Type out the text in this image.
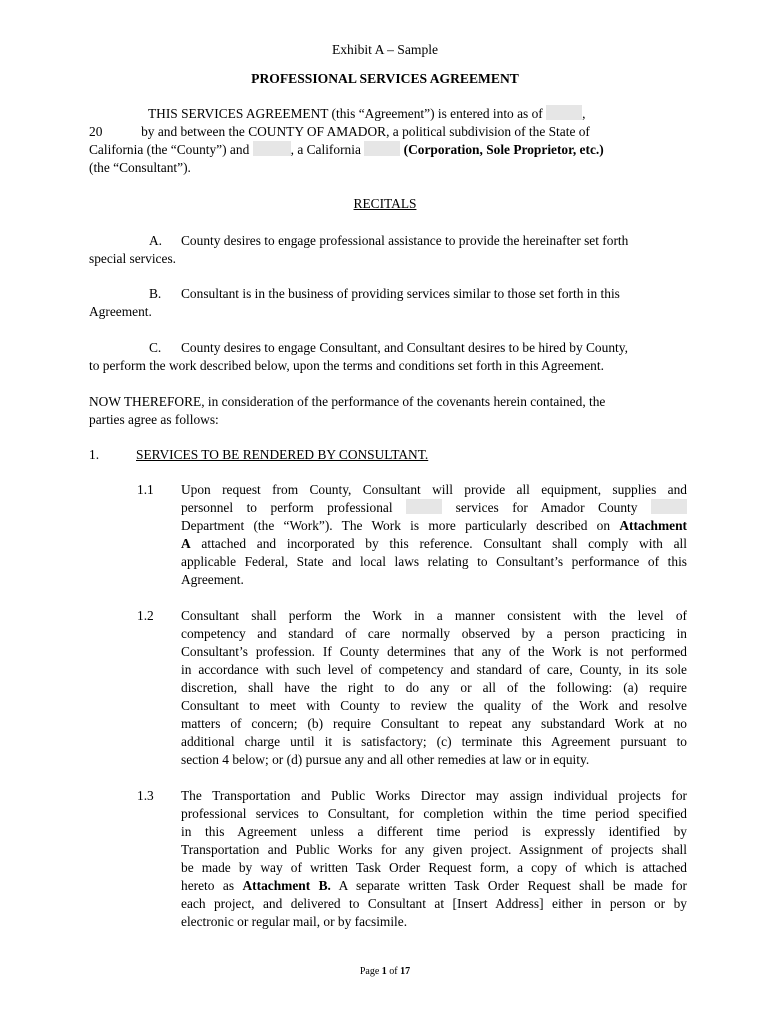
Exhibit A – Sample
PROFESSIONAL SERVICES AGREEMENT
THIS SERVICES AGREEMENT (this “Agreement”) is entered into as of	,
20	by and between the COUNTY OF AMADOR, a political subdivision of the State of
California (the “County”) and	, a California	(Corporation, Sole Proprietor, etc.)
(the “Consultant”).
RECITALS
A. County desires to engage professional assistance to provide the hereinafter set forth
special services.
B. Consultant is in the business of providing services similar to those set forth in this
Agreement.
C. County desires to engage Consultant, and Consultant desires to be hired by County,
to perform the work described below, upon the terms and conditions set forth in this Agreement.
NOW THEREFORE, in consideration of the performance of the covenants herein contained, the
parties agree as follows:
1.	SERVICES TO BE RENDERED BY CONSULTANT.
1.1 Upon request from County, Consultant will provide all equipment, supplies and
personnel to perform professional	services for Amador County
Department (the “Work”). The Work is more particularly described on Attachment
A attached and incorporated by this reference. Consultant shall comply with all
applicable Federal, State and local laws relating to Consultant’s performance of this
Agreement.
1.2 Consultant shall perform the Work in a manner consistent with the level of
competency and standard of care normally observed by a person practicing in
Consultant’s profession. If County determines that any of the Work is not performed
in accordance with such level of competency and standard of care, County, in its sole
discretion, shall have the right to do any or all of the following: (a) require
Consultant to meet with County to review the quality of the Work and resolve
matters of concern; (b) require Consultant to repeat any substandard Work at no
additional charge until it is satisfactory; (c) terminate this Agreement pursuant to
section 4 below; or (d) pursue any and all other remedies at law or in equity.
1.3 The Transportation and Public Works Director may assign individual projects for
professional services to Consultant, for completion within the time period specified
in this Agreement unless a different time period is expressly identified by
Transportation and Public Works for any given project. Assignment of projects shall
be made by way of written Task Order Request form, a copy of which is attached
hereto as Attachment B. A separate written Task Order Request shall be made for
each project, and delivered to Consultant at [Insert Address] either in person or by
electronic or regular mail, or by facsimile.
Page 1 of 17
